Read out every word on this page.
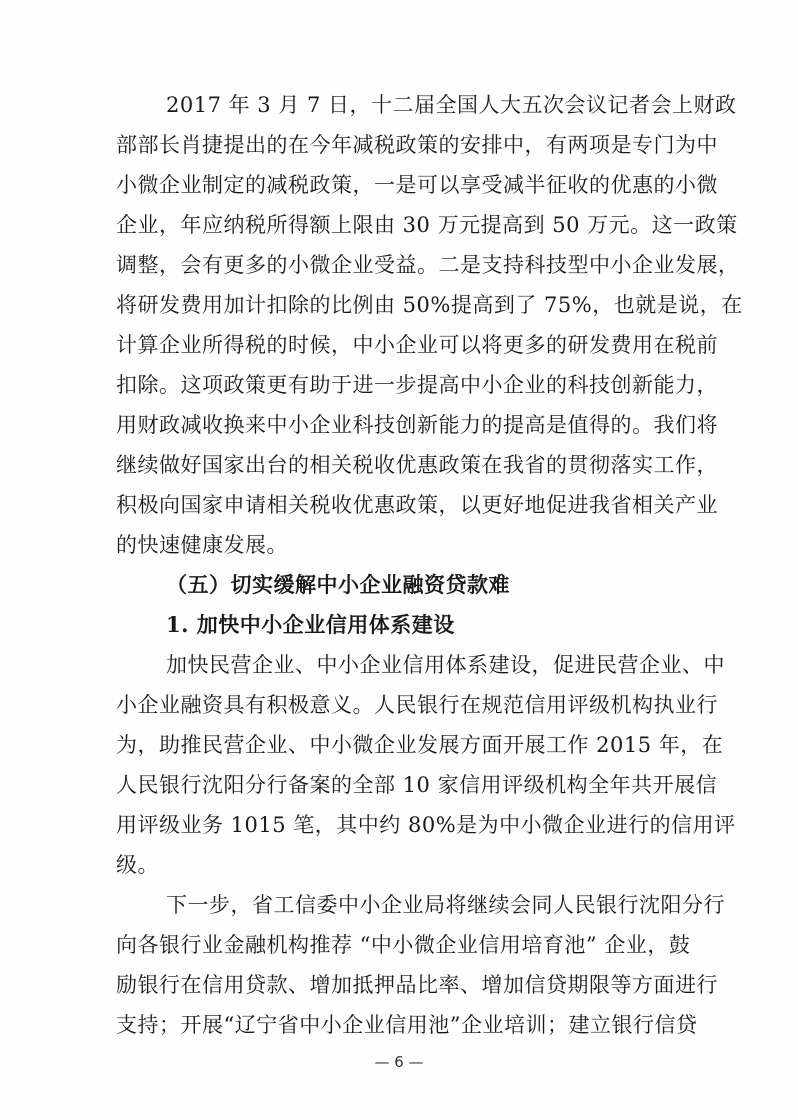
2017 年 3 月 7 日，十二届全国人大五次会议记者会上财政
部部长肖捷提出的在今年减税政策的安排中，有两项是专门为中
小微企业制定的减税政策，一是可以享受减半征收的优惠的小微
企业，年应纳税所得额上限由 30 万元提高到 50 万元。这一政策
调整，会有更多的小微企业受益。二是支持科技型中小企业发展，
将研发费用加计扣除的比例由 50%提高到了 75%，也就是说，在
计算企业所得税的时候，中小企业可以将更多的研发费用在税前
扣除。这项政策更有助于进一步提高中小企业的科技创新能力，
用财政减收换来中小企业科技创新能力的提高是值得的。我们将
继续做好国家出台的相关税收优惠政策在我省的贯彻落实工作，
积极向国家申请相关税收优惠政策，以更好地促进我省相关产业
的快速健康发展。
（五）切实缓解中小企业融资贷款难
1. 加快中小企业信用体系建设
加快民营企业、中小企业信用体系建设，促进民营企业、中
小企业融资具有积极意义。人民银行在规范信用评级机构执业行
为，助推民营企业、中小微企业发展方面开展工作 2015 年，在
人民银行沈阳分行备案的全部 10 家信用评级机构全年共开展信
用评级业务 1015 笔，其中约 80%是为中小微企业进行的信用评
级。
下一步，省工信委中小企业局将继续会同人民银行沈阳分行
向各银行业金融机构推荐 “中小微企业信用培育池” 企业，鼓
励银行在信用贷款、增加抵押品比率、增加信贷期限等方面进行
支持；开展“辽宁省中小企业信用池”企业培训；建立银行信贷
— 6 —
